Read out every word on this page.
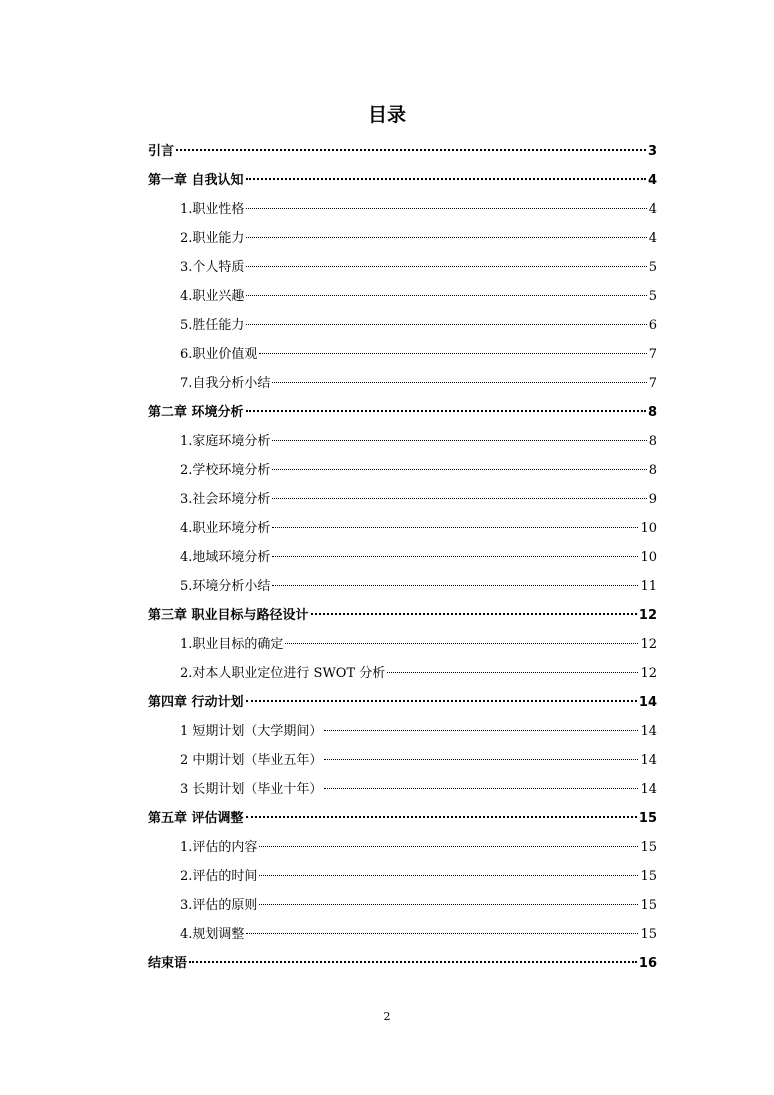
目录
引言	3
第一章 自我认知	4
1.职业性格	4
2.职业能力	4
3.个人特质	5
4.职业兴趣	5
5.胜任能力	6
6.职业价值观	7
7.自我分析小结	7
第二章 环境分析	8
1.家庭环境分析	8
2.学校环境分析	8
3.社会环境分析	9
4.职业环境分析	10
4.地域环境分析	10
5.环境分析小结	11
第三章 职业目标与路径设计	12
1.职业目标的确定	12
2.对本人职业定位进行 SWOT 分析	12
第四章 行动计划	14
1 短期计划（大学期间）	14
2 中期计划（毕业五年）	14
3 长期计划（毕业十年）	14
第五章 评估调整	15
1.评估的内容	15
2.评估的时间	15
3.评估的原则	15
4.规划调整	15
结束语	16
2
